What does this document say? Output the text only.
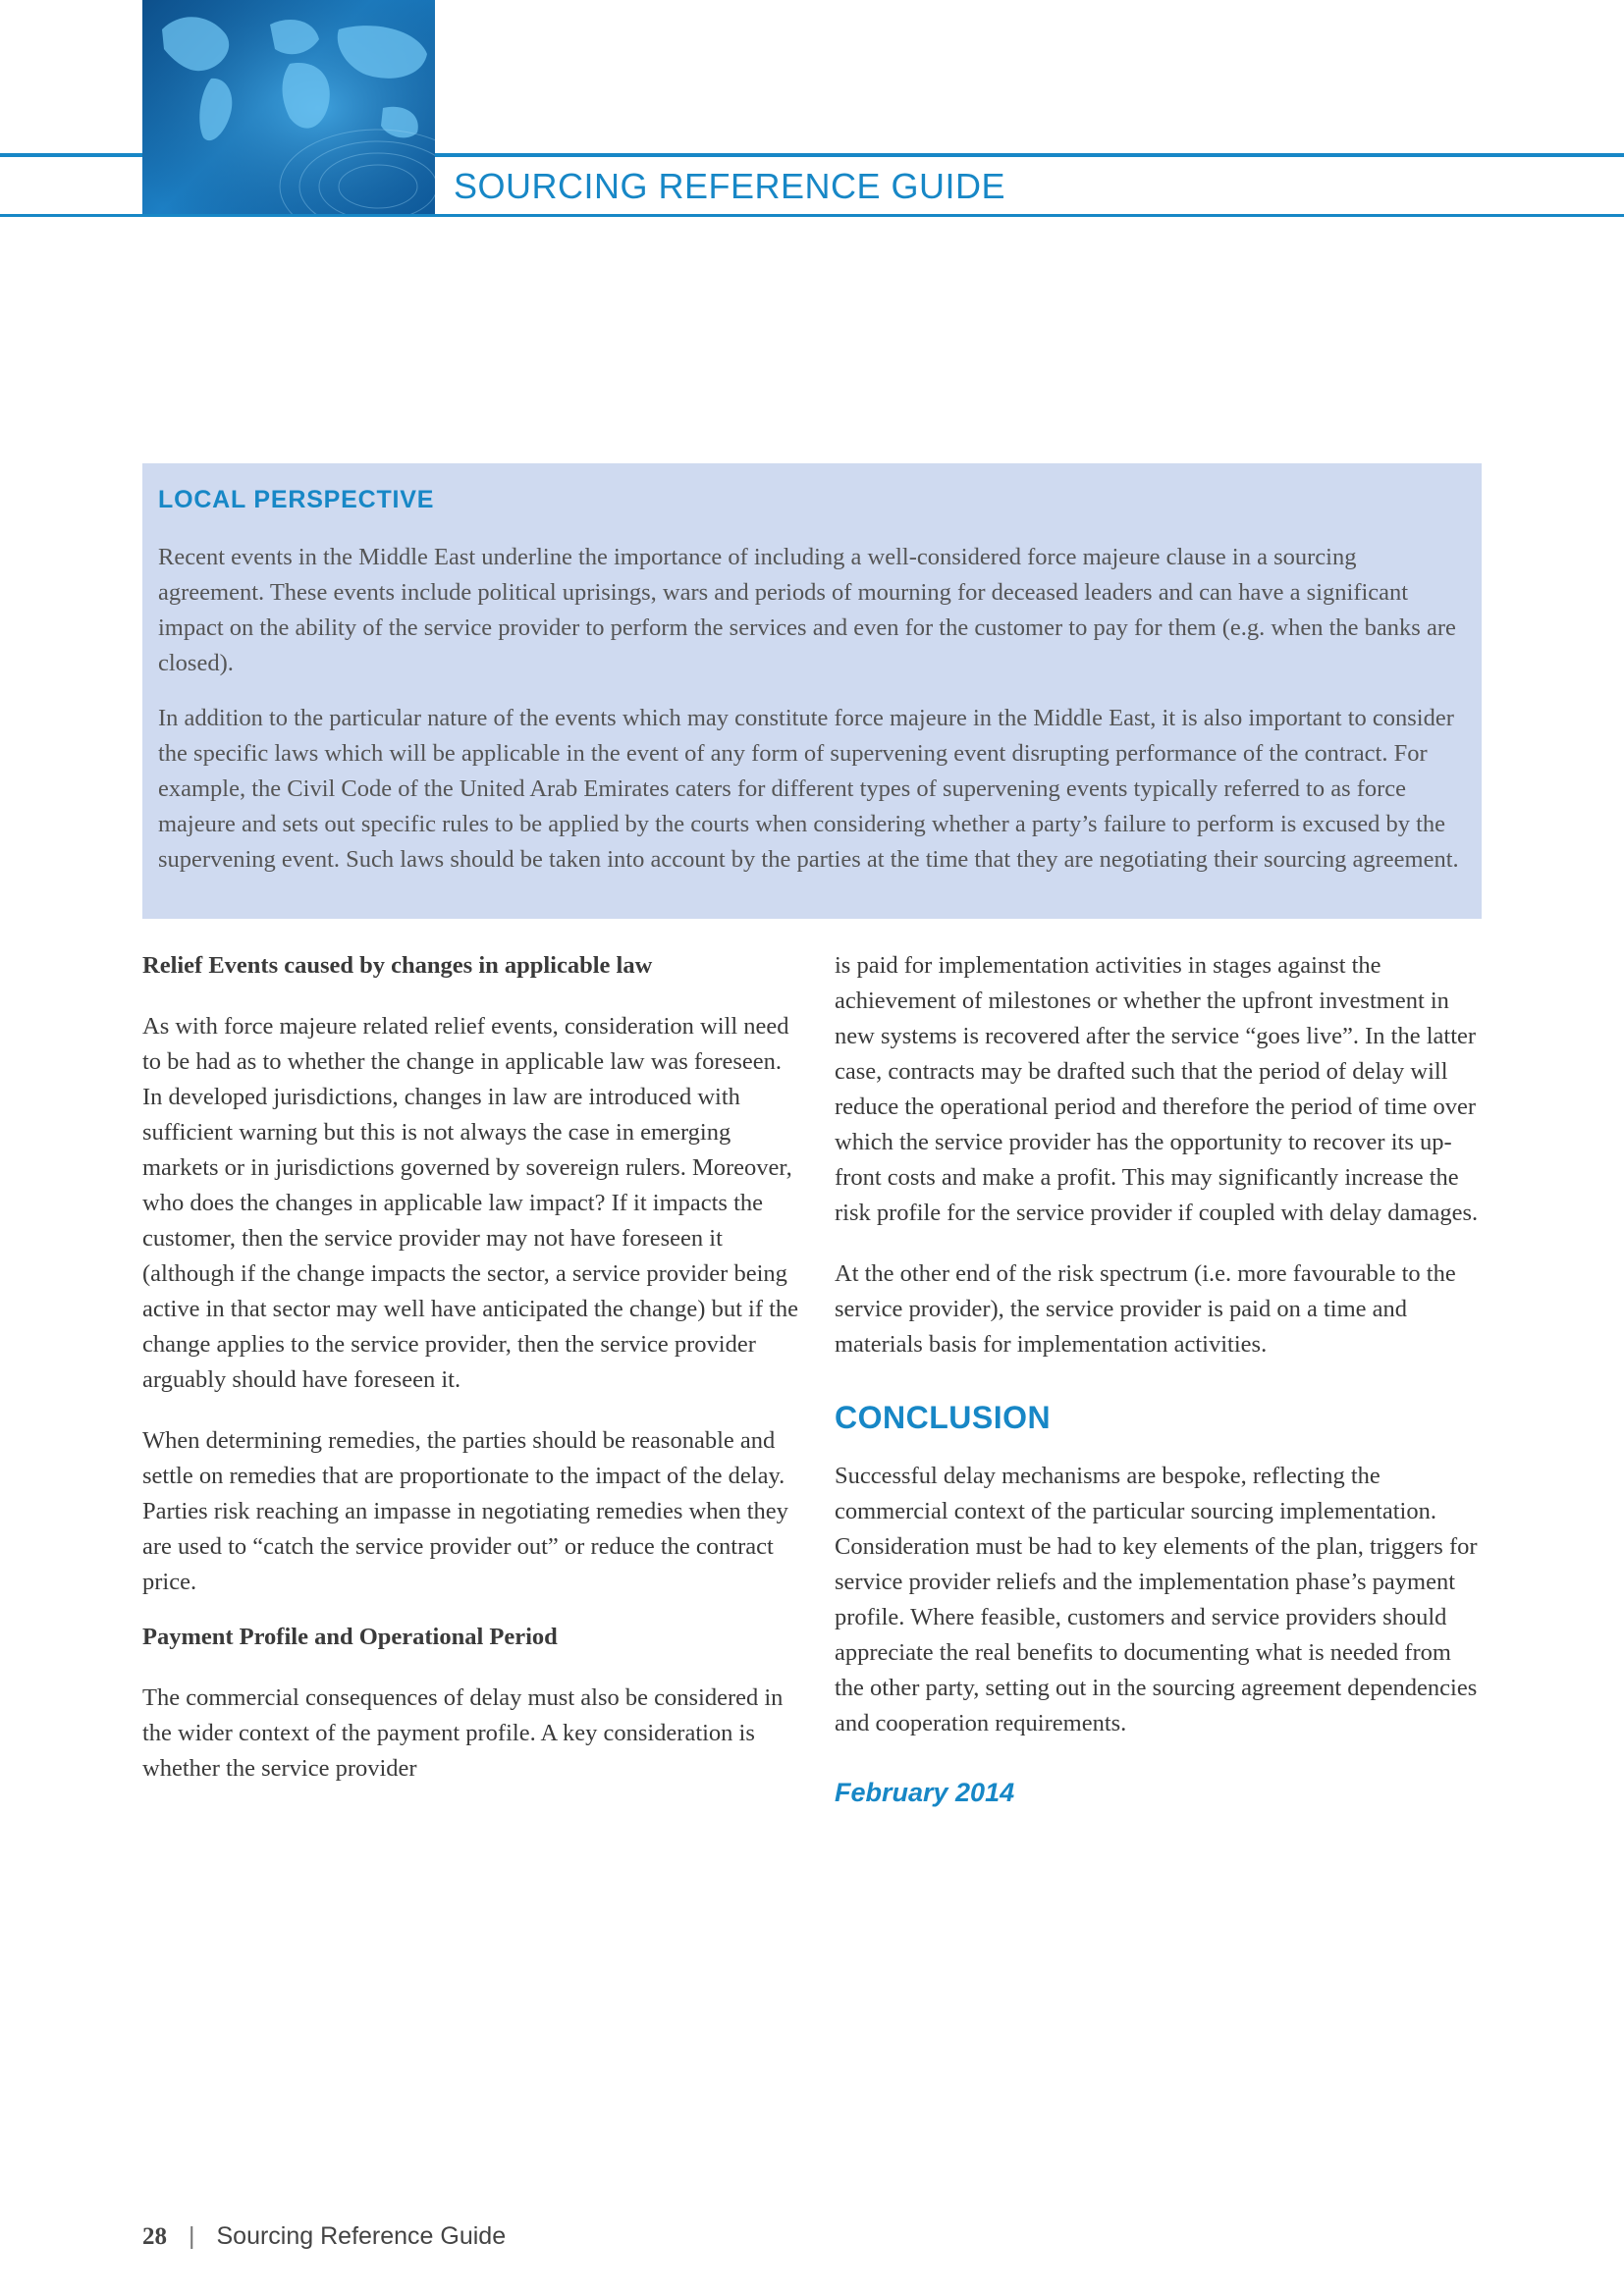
SOURCING REFERENCE GUIDE
LOCAL PERSPECTIVE

Recent events in the Middle East underline the importance of including a well-considered force majeure clause in a sourcing agreement. These events include political uprisings, wars and periods of mourning for deceased leaders and can have a significant impact on the ability of the service provider to perform the services and even for the customer to pay for them (e.g. when the banks are closed).

In addition to the particular nature of the events which may constitute force majeure in the Middle East, it is also important to consider the specific laws which will be applicable in the event of any form of supervening event disrupting performance of the contract. For example, the Civil Code of the United Arab Emirates caters for different types of supervening events typically referred to as force majeure and sets out specific rules to be applied by the courts when considering whether a party’s failure to perform is excused by the supervening event. Such laws should be taken into account by the parties at the time that they are negotiating their sourcing agreement.

Relief Events caused by changes in applicable law

As with force majeure related relief events, consideration will need to be had as to whether the change in applicable law was foreseen. In developed jurisdictions, changes in law are introduced with sufficient warning but this is not always the case in emerging markets or in jurisdictions governed by sovereign rulers. Moreover, who does the changes in applicable law impact? If it impacts the customer, then the service provider may not have foreseen it (although if the change impacts the sector, a service provider being active in that sector may well have anticipated the change) but if the change applies to the service provider, then the service provider arguably should have foreseen it.

When determining remedies, the parties should be reasonable and settle on remedies that are proportionate to the impact of the delay. Parties risk reaching an impasse in negotiating remedies when they are used to “catch the service provider out” or reduce the contract price.

Payment Profile and Operational Period

The commercial consequences of delay must also be considered in the wider context of the payment profile. A key consideration is whether the service provider

is paid for implementation activities in stages against the achievement of milestones or whether the upfront investment in new systems is recovered after the service “goes live”. In the latter case, contracts may be drafted such that the period of delay will reduce the operational period and therefore the period of time over which the service provider has the opportunity to recover its up-front costs and make a profit. This may significantly increase the risk profile for the service provider if coupled with delay damages.

At the other end of the risk spectrum (i.e. more favourable to the service provider), the service provider is paid on a time and materials basis for implementation activities.

CONCLUSION

Successful delay mechanisms are bespoke, reflecting the commercial context of the particular sourcing implementation. Consideration must be had to key elements of the plan, triggers for service provider reliefs and the implementation phase’s payment profile. Where feasible, customers and service providers should appreciate the real benefits to documenting what is needed from the other party, setting out in the sourcing agreement dependencies and cooperation requirements.

February 2014

28 | Sourcing Reference Guide
